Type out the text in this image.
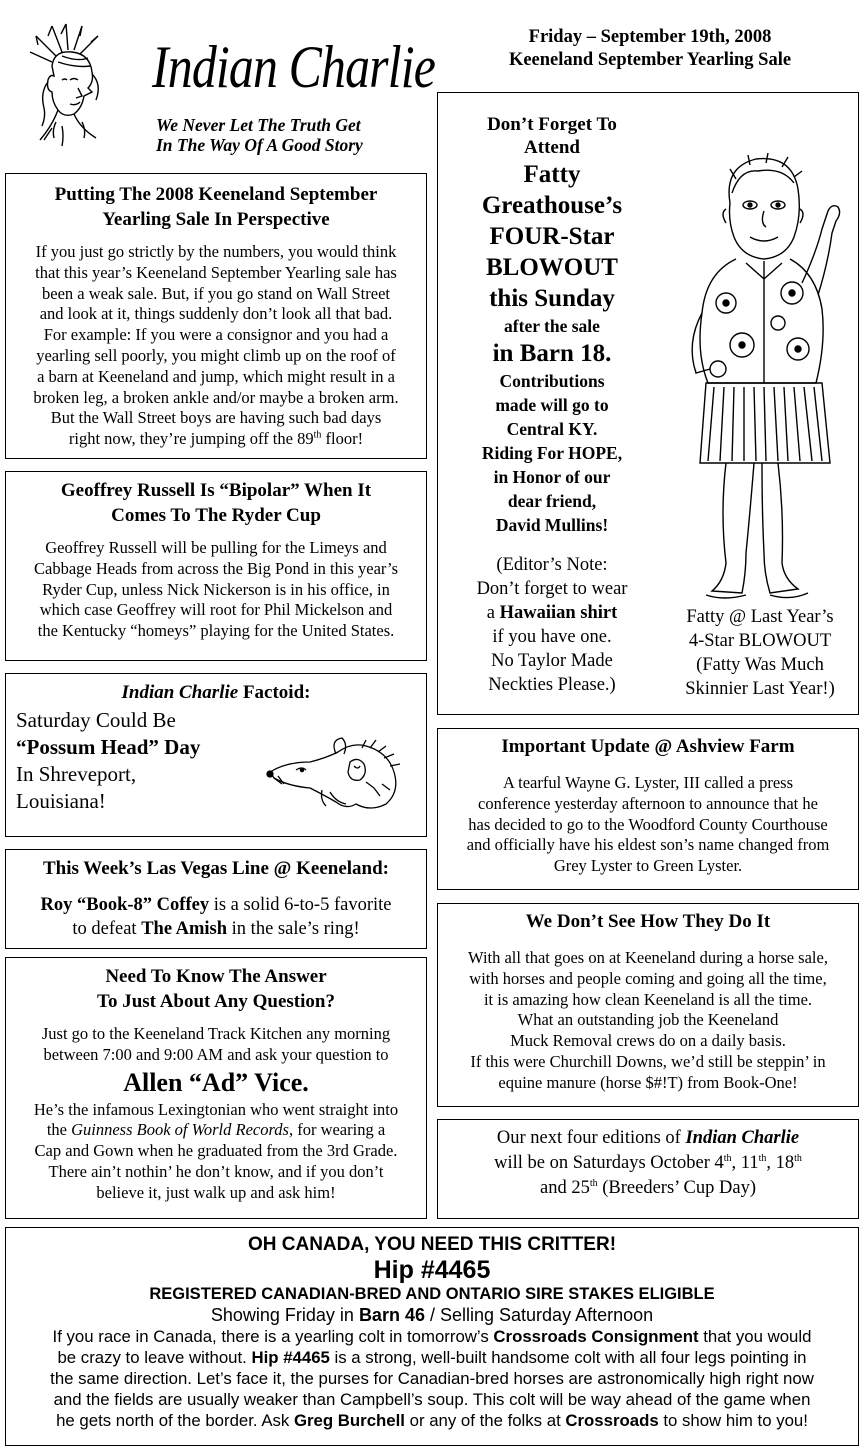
Indian Charlie
We Never Let The Truth Get
In The Way Of A Good Story
Friday – September 19th, 2008
Keeneland September Yearling Sale
Putting The 2008 Keeneland September
Yearling Sale In Perspective
If you just go strictly by the numbers, you would think
that this year’s Keeneland September Yearling sale has
been a weak sale. But, if you go stand on Wall Street
and look at it, things suddenly don’t look all that bad.
For example: If you were a consignor and you had a
yearling sell poorly, you might climb up on the roof of
a barn at Keeneland and jump, which might result in a
broken leg, a broken ankle and/or maybe a broken arm.
But the Wall Street boys are having such bad days
right now, they’re jumping off the 89th floor!
Geoffrey Russell Is “Bipolar” When It
Comes To The Ryder Cup
Geoffrey Russell will be pulling for the Limeys and
Cabbage Heads from across the Big Pond in this year’s
Ryder Cup, unless Nick Nickerson is in his office, in
which case Geoffrey will root for Phil Mickelson and
the Kentucky “homeys” playing for the United States.
Indian Charlie Factoid:
Saturday Could Be
“Possum Head” Day
In Shreveport,
Louisiana!
This Week’s Las Vegas Line @ Keeneland:
Roy “Book-8” Coffey is a solid 6-to-5 favorite
to defeat The Amish in the sale’s ring!
Need To Know The Answer
To Just About Any Question?
Just go to the Keeneland Track Kitchen any morning
between 7:00 and 9:00 AM and ask your question to
Allen “Ad” Vice.
He’s the infamous Lexingtonian who went straight into
the Guinness Book of World Records, for wearing a
Cap and Gown when he graduated from the 3rd Grade.
There ain’t nothin’ he don’t know, and if you don’t
believe it, just walk up and ask him!
Don’t Forget To
Attend
Fatty
Greathouse’s
FOUR-Star
BLOWOUT
this Sunday
after the sale
in Barn 18.
Contributions
made will go to
Central KY.
Riding For HOPE,
in Honor of our
dear friend,
David Mullins!
(Editor’s Note:
Don’t forget to wear
a Hawaiian shirt
if you have one.
No Taylor Made
Neckties Please.)
Fatty @ Last Year’s
4-Star BLOWOUT
(Fatty Was Much
Skinnier Last Year!)
Important Update @ Ashview Farm
A tearful Wayne G. Lyster, III called a press
conference yesterday afternoon to announce that he
has decided to go to the Woodford County Courthouse
and officially have his eldest son’s name changed from
Grey Lyster to Green Lyster.
We Don’t See How They Do It
With all that goes on at Keeneland during a horse sale,
with horses and people coming and going all the time,
it is amazing how clean Keeneland is all the time.
What an outstanding job the Keeneland
Muck Removal crews do on a daily basis.
If this were Churchill Downs, we’d still be steppin’ in
equine manure (horse $#!T) from Book-One!
Our next four editions of Indian Charlie
will be on Saturdays October 4th, 11th, 18th
and 25th (Breeders’ Cup Day)
OH CANADA, YOU NEED THIS CRITTER!
Hip #4465
REGISTERED CANADIAN-BRED AND ONTARIO SIRE STAKES ELIGIBLE
Showing Friday in Barn 46 / Selling Saturday Afternoon
If you race in Canada, there is a yearling colt in tomorrow’s Crossroads Consignment that you would
be crazy to leave without. Hip #4465 is a strong, well-built handsome colt with all four legs pointing in
the same direction. Let’s face it, the purses for Canadian-bred horses are astronomically high right now
and the fields are usually weaker than Campbell’s soup. This colt will be way ahead of the game when
he gets north of the border. Ask Greg Burchell or any of the folks at Crossroads to show him to you!
